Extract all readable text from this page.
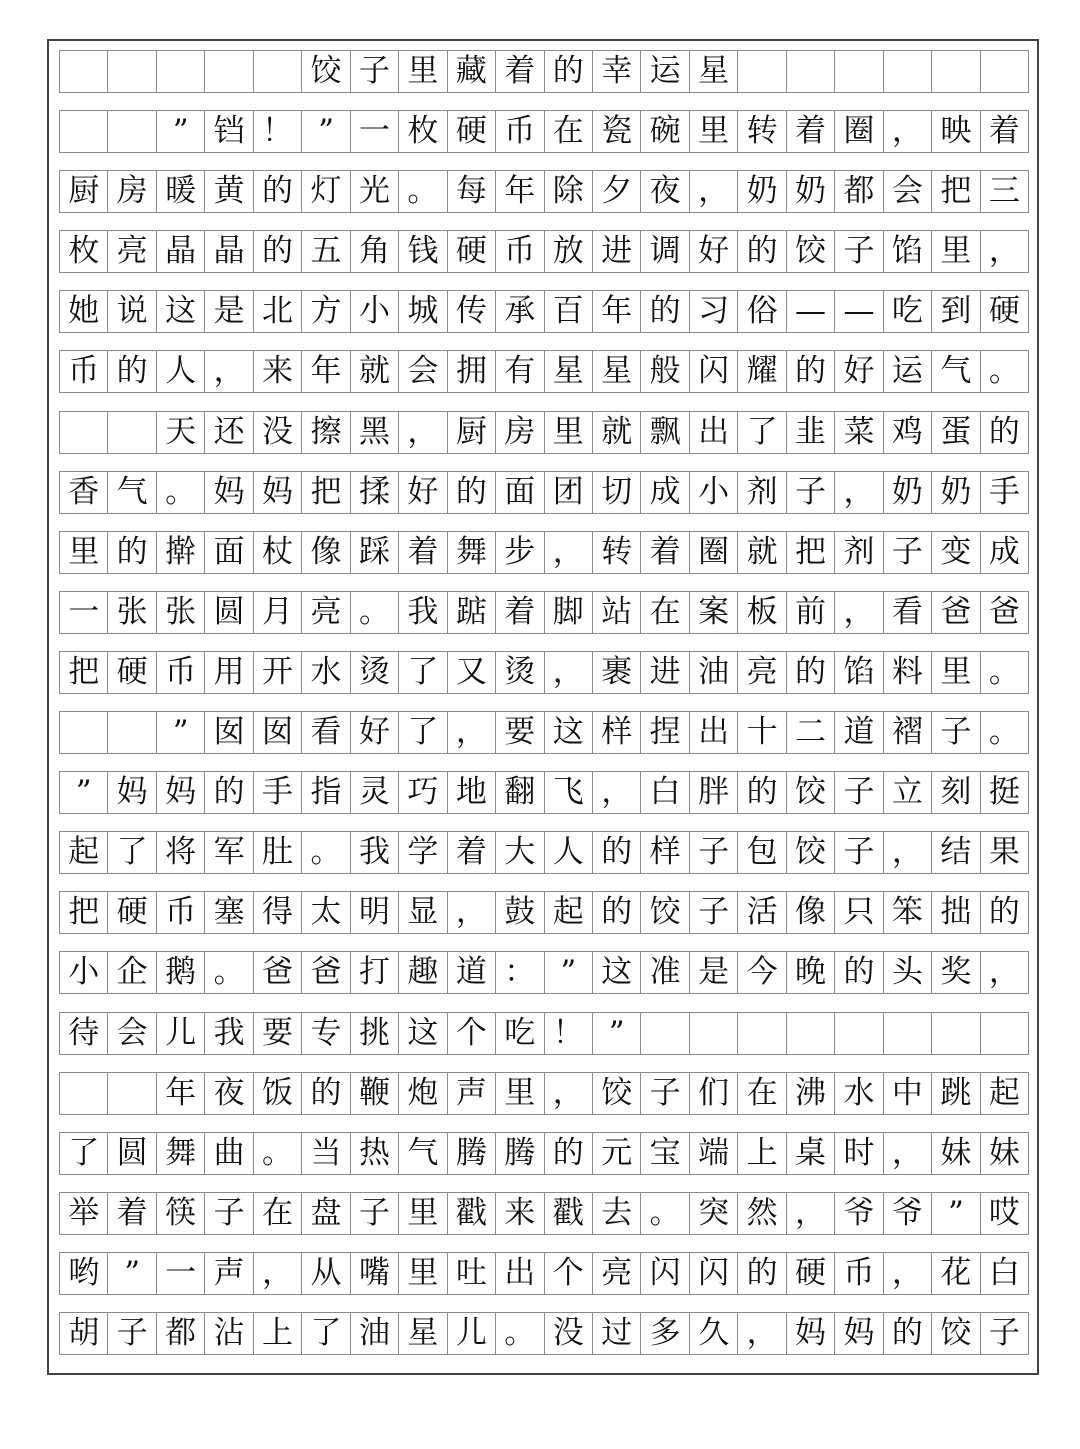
饺 子 里 藏 着 的 幸 运 星
” 铛 ！ ” 一 枚 硬 币 在 瓷 碗 里 转 着 圈 ， 映 着
厨 房 暖 黄 的 灯 光 。 每 年 除 夕 夜 ， 奶 奶 都 会 把 三
枚 亮 晶 晶 的 五 角 钱 硬 币 放 进 调 好 的 饺 子 馅 里 ，
她 说 这 是 北 方 小 城 传 承 百 年 的 习 俗 — — 吃 到 硬
币 的 人 ， 来 年 就 会 拥 有 星 星 般 闪 耀 的 好 运 气 。
天 还 没 擦 黑 ， 厨 房 里 就 飘 出 了 韭 菜 鸡 蛋 的
香 气 。 妈 妈 把 揉 好 的 面 团 切 成 小 剂 子 ， 奶 奶 手
里 的 擀 面 杖 像 踩 着 舞 步 ， 转 着 圈 就 把 剂 子 变 成
一 张 张 圆 月 亮 。 我 踮 着 脚 站 在 案 板 前 ， 看 爸 爸
把 硬 币 用 开 水 烫 了 又 烫 ， 裹 进 油 亮 的 馅 料 里 。
” 囡 囡 看 好 了 ， 要 这 样 捏 出 十 二 道 褶 子 。
” 妈 妈 的 手 指 灵 巧 地 翻 飞 ， 白 胖 的 饺 子 立 刻 挺
起 了 将 军 肚 。 我 学 着 大 人 的 样 子 包 饺 子 ， 结 果
把 硬 币 塞 得 太 明 显 ， 鼓 起 的 饺 子 活 像 只 笨 拙 的
小 企 鹅 。 爸 爸 打 趣 道 ： ” 这 准 是 今 晚 的 头 奖 ，
待 会 儿 我 要 专 挑 这 个 吃 ！ ”
年 夜 饭 的 鞭 炮 声 里 ， 饺 子 们 在 沸 水 中 跳 起
了 圆 舞 曲 。 当 热 气 腾 腾 的 元 宝 端 上 桌 时 ， 妹 妹
举 着 筷 子 在 盘 子 里 戳 来 戳 去 。 突 然 ， 爷 爷 ” 哎
哟 ” 一 声 ， 从 嘴 里 吐 出 个 亮 闪 闪 的 硬 币 ， 花 白
胡 子 都 沾 上 了 油 星 儿 。 没 过 多 久 ， 妈 妈 的 饺 子
